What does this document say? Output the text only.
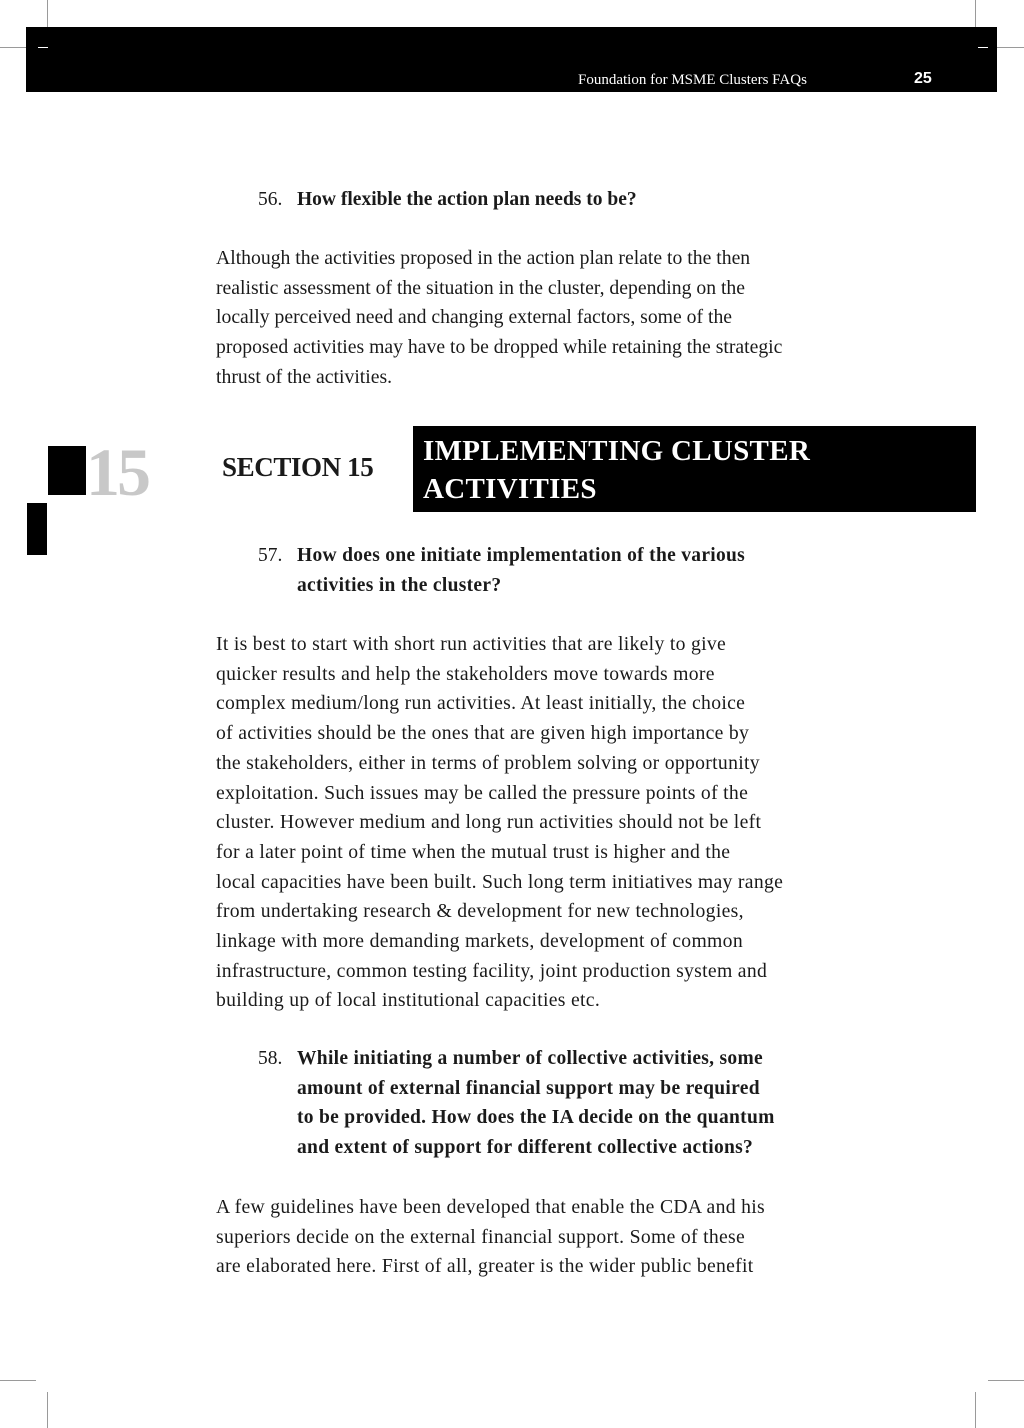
Foundation for MSME Clusters FAQs	25
56. How flexible the action plan needs to be?
Although the activities proposed in the action plan relate to the then
realistic assessment of the situation in the cluster, depending on the
locally perceived need and changing external factors, some of the
proposed activities may have to be dropped while retaining the strategic
thrust of the activities.
15	SECTION 15	IMPLEMENTING CLUSTER
ACTIVITIES
57. How does one initiate implementation of the various
activities in the cluster?
It is best to start with short run activities that are likely to give
quicker results and help the stakeholders move towards more
complex medium/long run activities. At least initially, the choice
of activities should be the ones that are given high importance by
the stakeholders, either in terms of problem solving or opportunity
exploitation. Such issues may be called the pressure points of the
cluster. However medium and long run activities should not be left
for a later point of time when the mutual trust is higher and the
local capacities have been built. Such long term initiatives may range
from undertaking research & development for new technologies,
linkage with more demanding markets, development of common
infrastructure, common testing facility, joint production system and
building up of local institutional capacities etc.
58. While initiating a number of collective activities, some
amount of external financial support may be required
to be provided. How does the IA decide on the quantum
and extent of support for different collective actions?
A few guidelines have been developed that enable the CDA and his
superiors decide on the external financial support. Some of these
are elaborated here. First of all, greater is the wider public benefit
